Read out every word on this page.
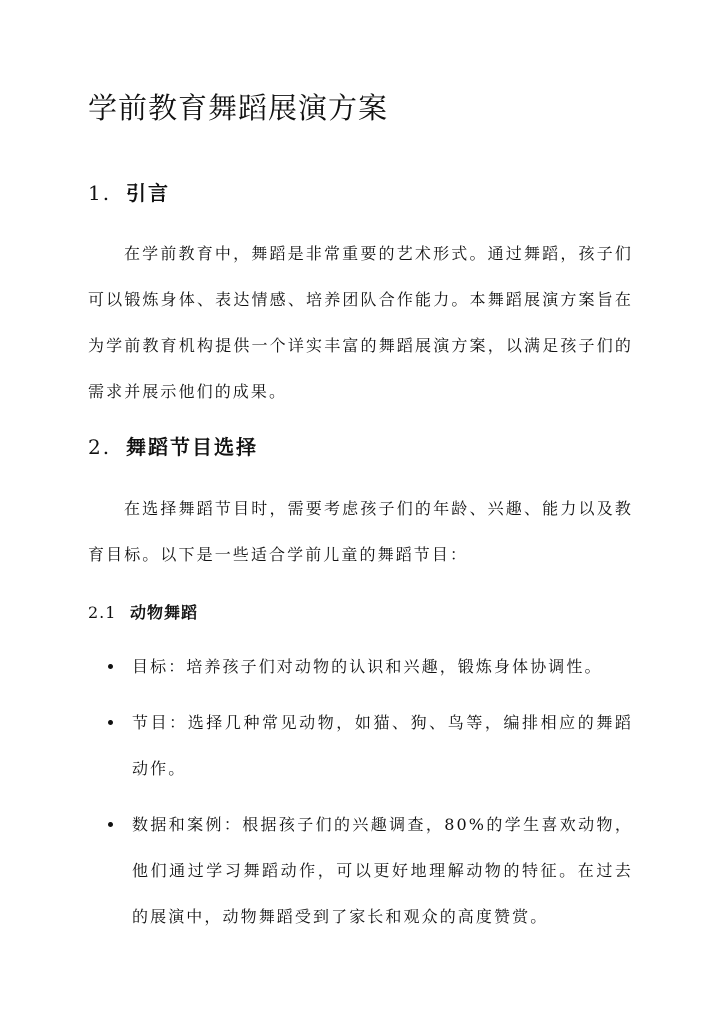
学前教育舞蹈展演方案
1. 引言

在学前教育中，舞蹈是非常重要的艺术形式。通过舞蹈，孩子们可以锻炼身体、表达情感、培养团队合作能力。本舞蹈展演方案旨在为学前教育机构提供一个详实丰富的舞蹈展演方案，以满足孩子们的需求并展示他们的成果。

2. 舞蹈节目选择

在选择舞蹈节目时，需要考虑孩子们的年龄、兴趣、能力以及教育目标。以下是一些适合学前儿童的舞蹈节目：

2.1 动物舞蹈
目标：培养孩子们对动物的认识和兴趣，锻炼身体协调性。
节目：选择几种常见动物，如猫、狗、鸟等，编排相应的舞蹈动作。
数据和案例：根据孩子们的兴趣调查，80%的学生喜欢动物，他们通过学习舞蹈动作，可以更好地理解动物的特征。在过去的展演中，动物舞蹈受到了家长和观众的高度赞赏。
